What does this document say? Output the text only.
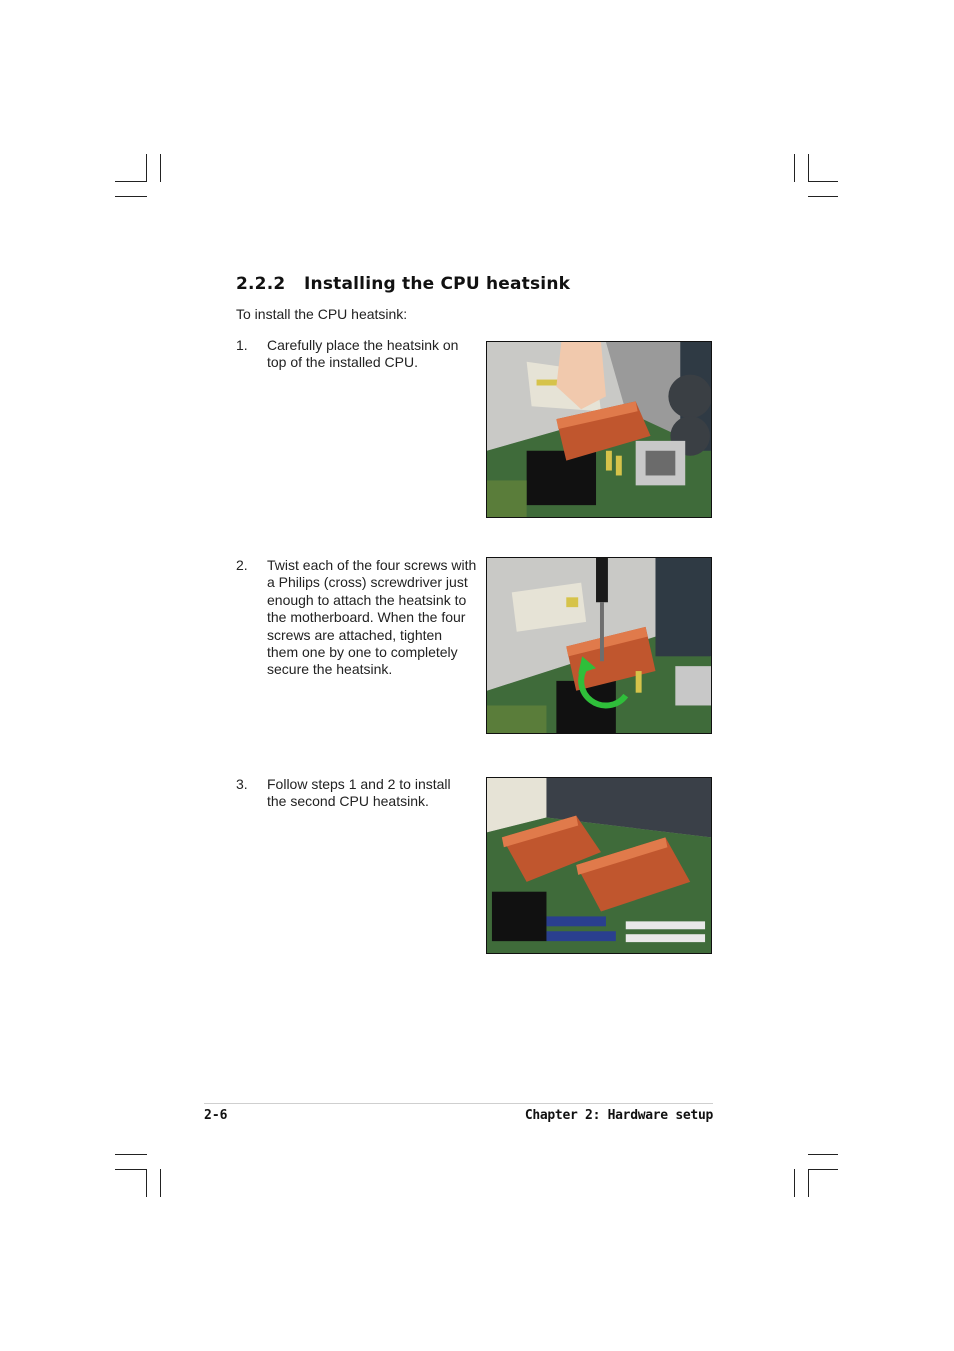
2.2.2 Installing the CPU heatsink
To install the CPU heatsink:
1. Carefully place the heatsink on top of the installed CPU.
2. Twist each of the four screws with a Philips (cross) screwdriver just enough to attach the heatsink to the motherboard. When the four screws are attached, tighten them one by one to completely secure the heatsink.
3. Follow steps 1 and 2 to install the second CPU heatsink.
2-6	Chapter 2: Hardware setup
